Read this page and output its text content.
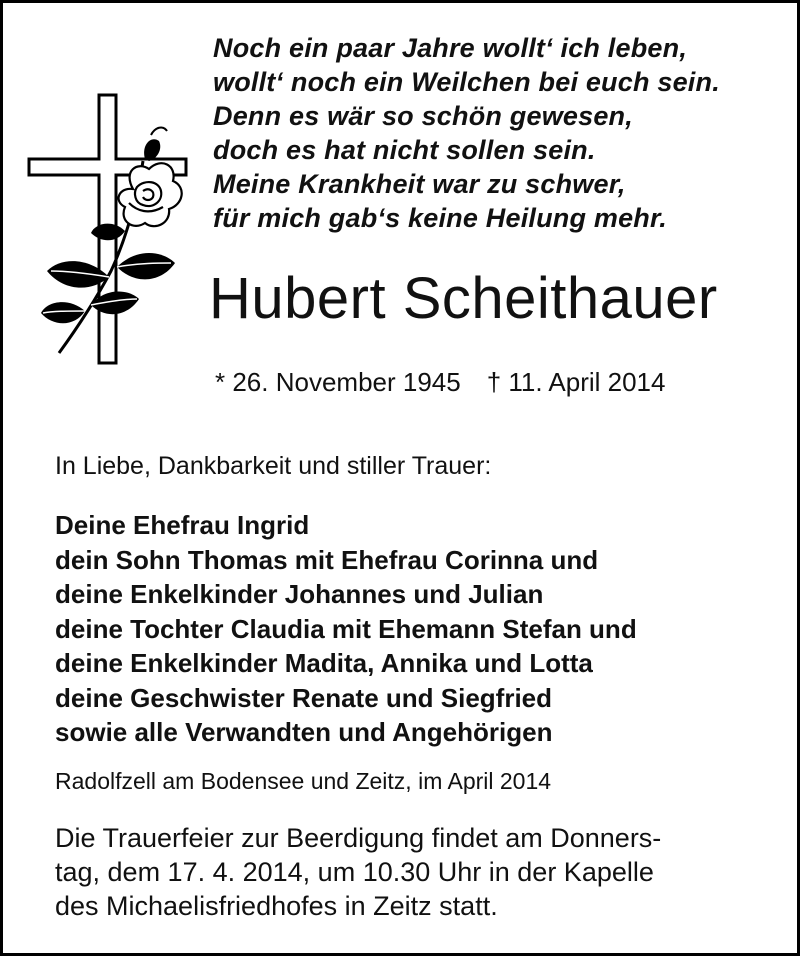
Noch ein paar Jahre wollt‘ ich leben,
wollt‘ noch ein Weilchen bei euch sein.
Denn es wär so schön gewesen,
doch es hat nicht sollen sein.
Meine Krankheit war zu schwer,
für mich gab‘s keine Heilung mehr.
Hubert Scheithauer
* 26. November 1945 † 11. April 2014
In Liebe, Dankbarkeit und stiller Trauer:
Deine Ehefrau Ingrid
dein Sohn Thomas mit Ehefrau Corinna und
deine Enkelkinder Johannes und Julian
deine Tochter Claudia mit Ehemann Stefan und
deine Enkelkinder Madita, Annika und Lotta
deine Geschwister Renate und Siegfried
sowie alle Verwandten und Angehörigen
Radolfzell am Bodensee und Zeitz, im April 2014
Die Trauerfeier zur Beerdigung findet am Donners-
tag, dem 17. 4. 2014, um 10.30 Uhr in der Kapelle
des Michaelisfriedhofes in Zeitz statt.
